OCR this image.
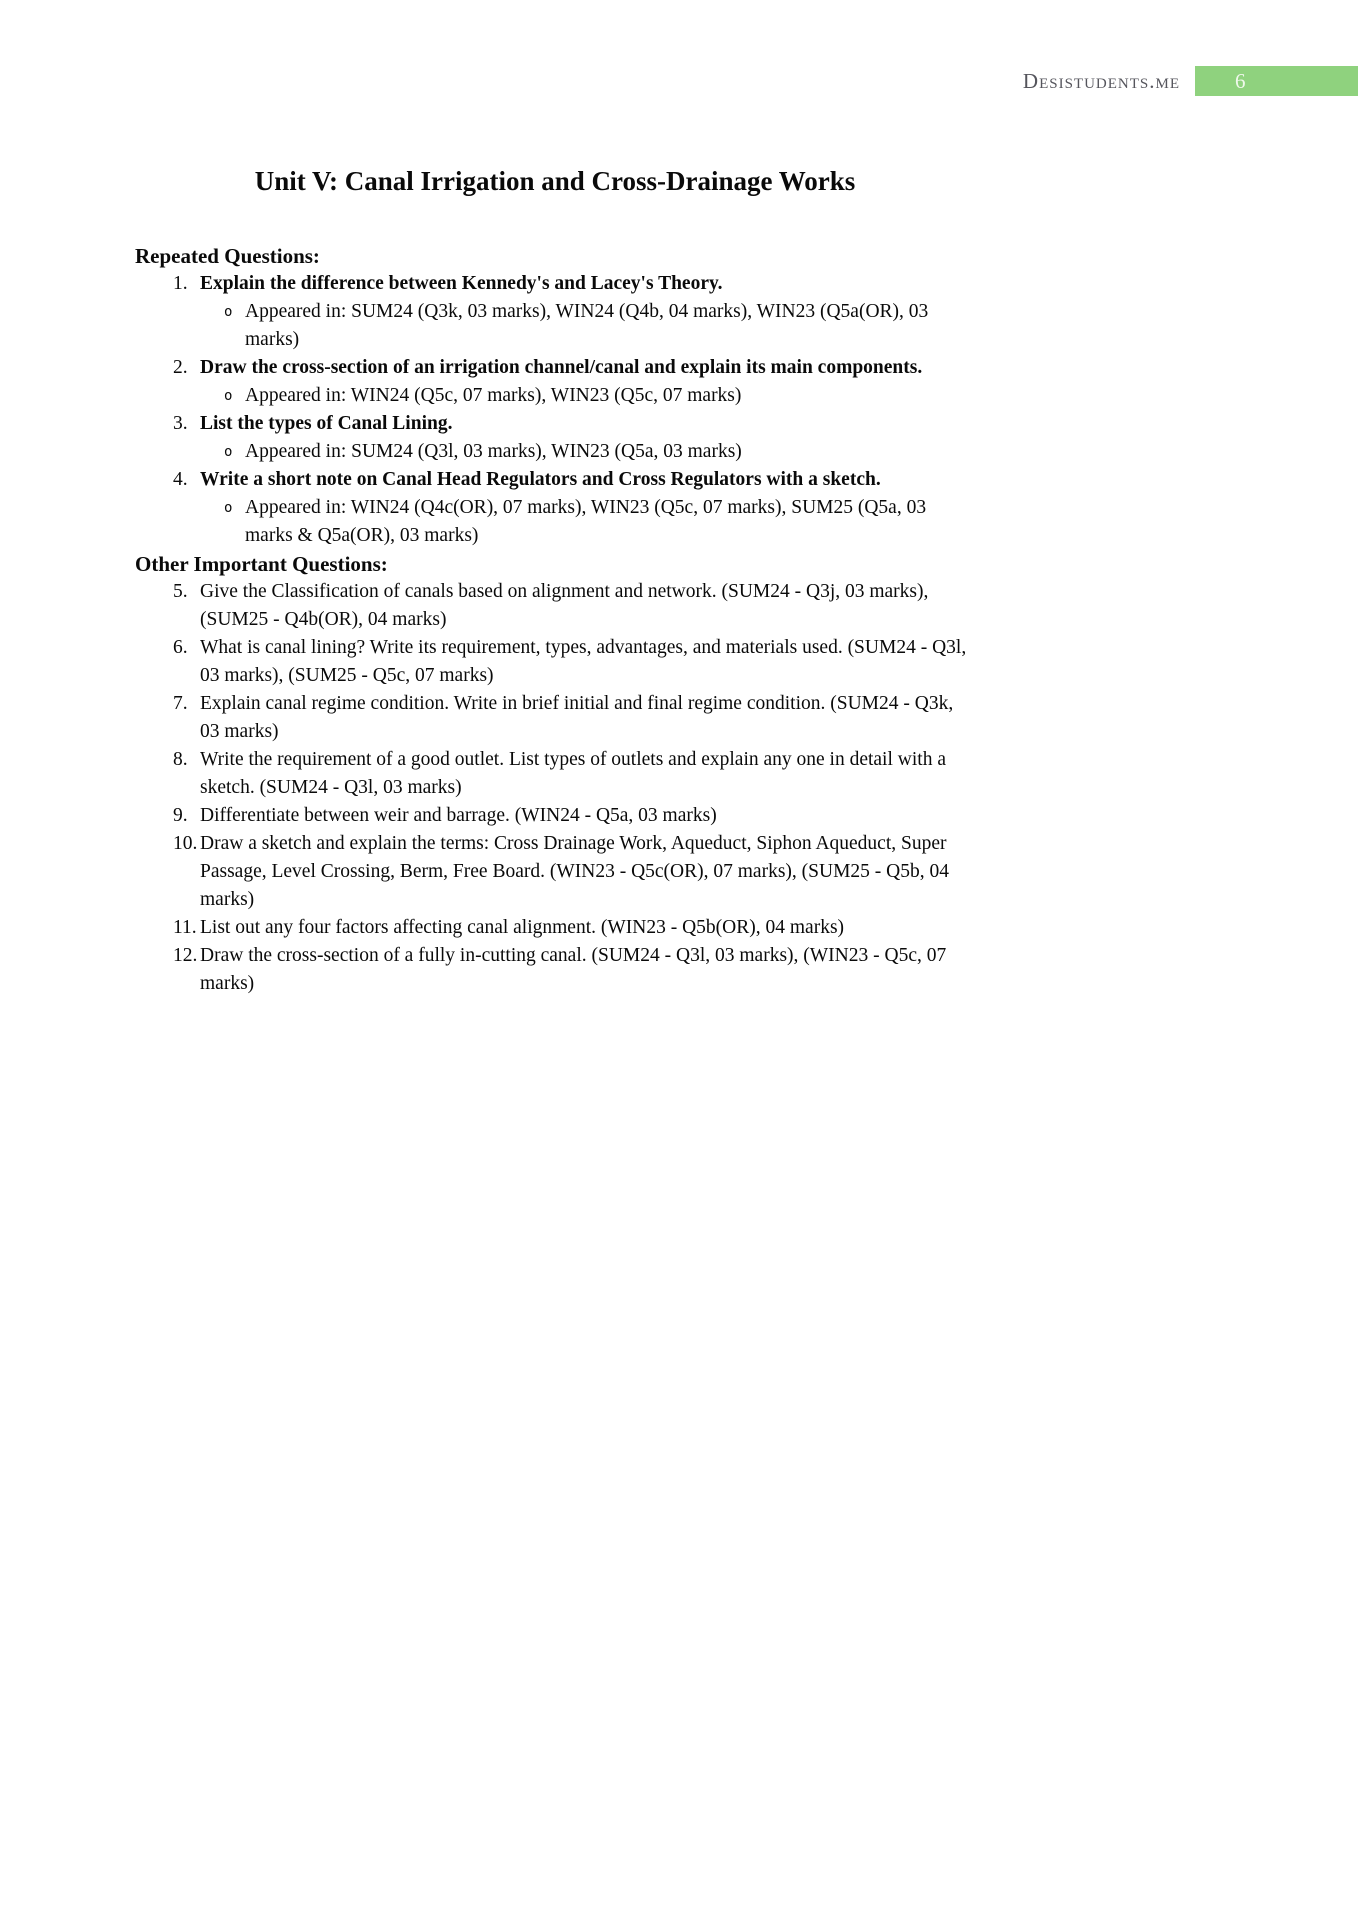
Desistudents.me	6
Unit V: Canal Irrigation and Cross-Drainage Works
Repeated Questions:
1. Explain the difference between Kennedy's and Lacey's Theory.
o Appeared in: SUM24 (Q3k, 03 marks), WIN24 (Q4b, 04 marks), WIN23 (Q5a(OR), 03 marks)
2. Draw the cross-section of an irrigation channel/canal and explain its main components.
o Appeared in: WIN24 (Q5c, 07 marks), WIN23 (Q5c, 07 marks)
3. List the types of Canal Lining.
o Appeared in: SUM24 (Q3l, 03 marks), WIN23 (Q5a, 03 marks)
4. Write a short note on Canal Head Regulators and Cross Regulators with a sketch.
o Appeared in: WIN24 (Q4c(OR), 07 marks), WIN23 (Q5c, 07 marks), SUM25 (Q5a, 03 marks & Q5a(OR), 03 marks)
Other Important Questions:
5. Give the Classification of canals based on alignment and network. (SUM24 - Q3j, 03 marks), (SUM25 - Q4b(OR), 04 marks)
6. What is canal lining? Write its requirement, types, advantages, and materials used. (SUM24 - Q3l, 03 marks), (SUM25 - Q5c, 07 marks)
7. Explain canal regime condition. Write in brief initial and final regime condition. (SUM24 - Q3k, 03 marks)
8. Write the requirement of a good outlet. List types of outlets and explain any one in detail with a sketch. (SUM24 - Q3l, 03 marks)
9. Differentiate between weir and barrage. (WIN24 - Q5a, 03 marks)
10. Draw a sketch and explain the terms: Cross Drainage Work, Aqueduct, Siphon Aqueduct, Super Passage, Level Crossing, Berm, Free Board. (WIN23 - Q5c(OR), 07 marks), (SUM25 - Q5b, 04 marks)
11. List out any four factors affecting canal alignment. (WIN23 - Q5b(OR), 04 marks)
12. Draw the cross-section of a fully in-cutting canal. (SUM24 - Q3l, 03 marks), (WIN23 - Q5c, 07 marks)
